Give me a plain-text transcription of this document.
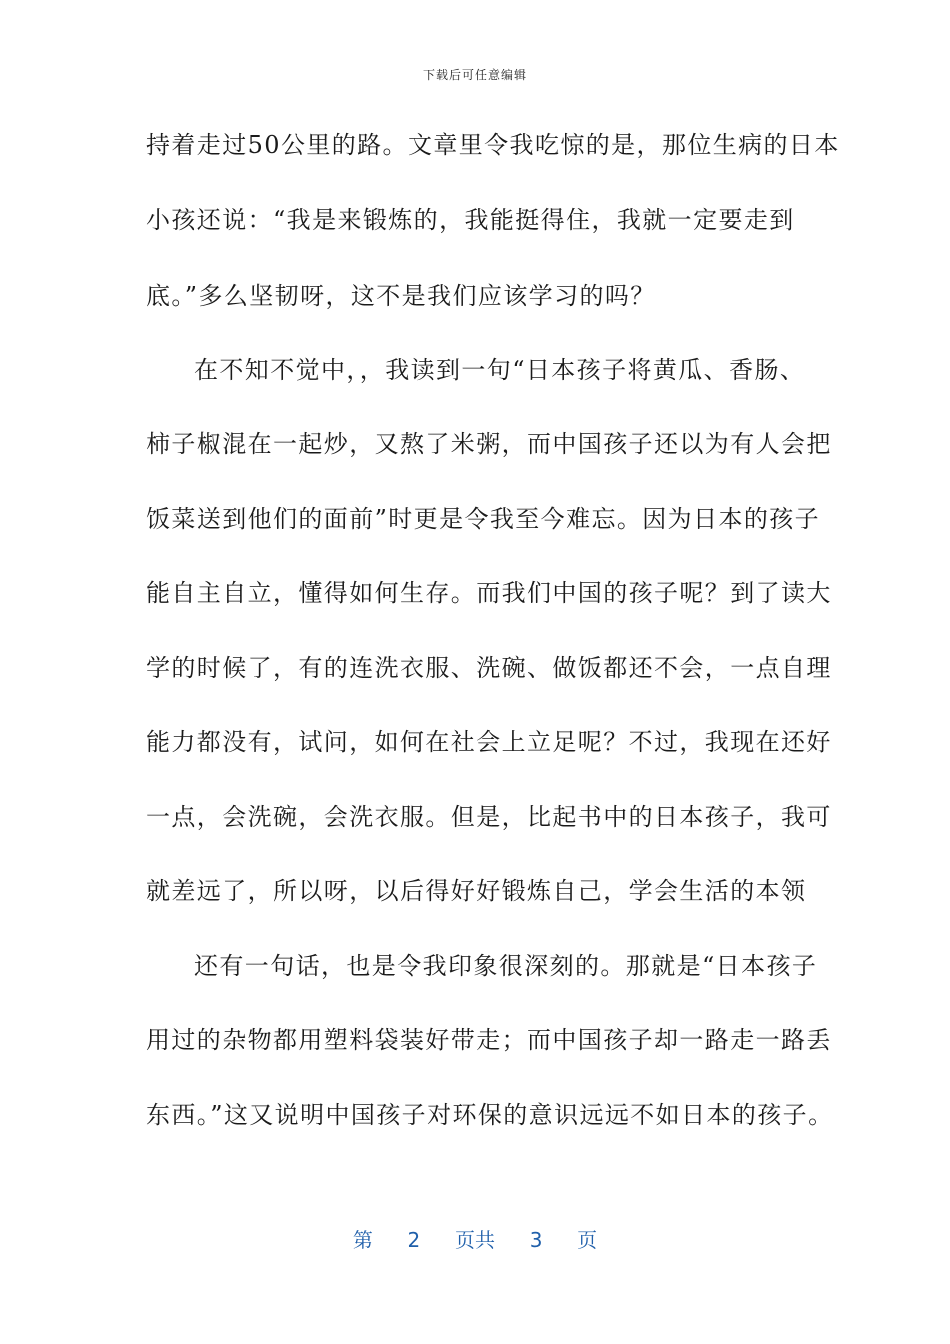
下载后可任意编辑
持着走过50公里的路。文章里令我吃惊的是，那位生病的日本
小孩还说：“我是来锻炼的，我能挺得住，我就一定要走到
底。”多么坚韧呀，这不是我们应该学习的吗？
在不知不觉中，，我读到一句“日本孩子将黄瓜、香肠、
柿子椒混在一起炒，又熬了米粥，而中国孩子还以为有人会把
饭菜送到他们的面前”时更是令我至今难忘。因为日本的孩子
能自主自立，懂得如何生存。而我们中国的孩子呢？到了读大
学的时候了，有的连洗衣服、洗碗、做饭都还不会，一点自理
能力都没有，试问，如何在社会上立足呢？不过，我现在还好
一点，会洗碗，会洗衣服。但是，比起书中的日本孩子，我可
就差远了，所以呀，以后得好好锻炼自己，学会生活的本领
还有一句话，也是令我印象很深刻的。那就是“日本孩子
用过的杂物都用塑料袋装好带走；而中国孩子却一路走一路丢
东西。”这又说明中国孩子对环保的意识远远不如日本的孩子。
第 2 页共 3 页
